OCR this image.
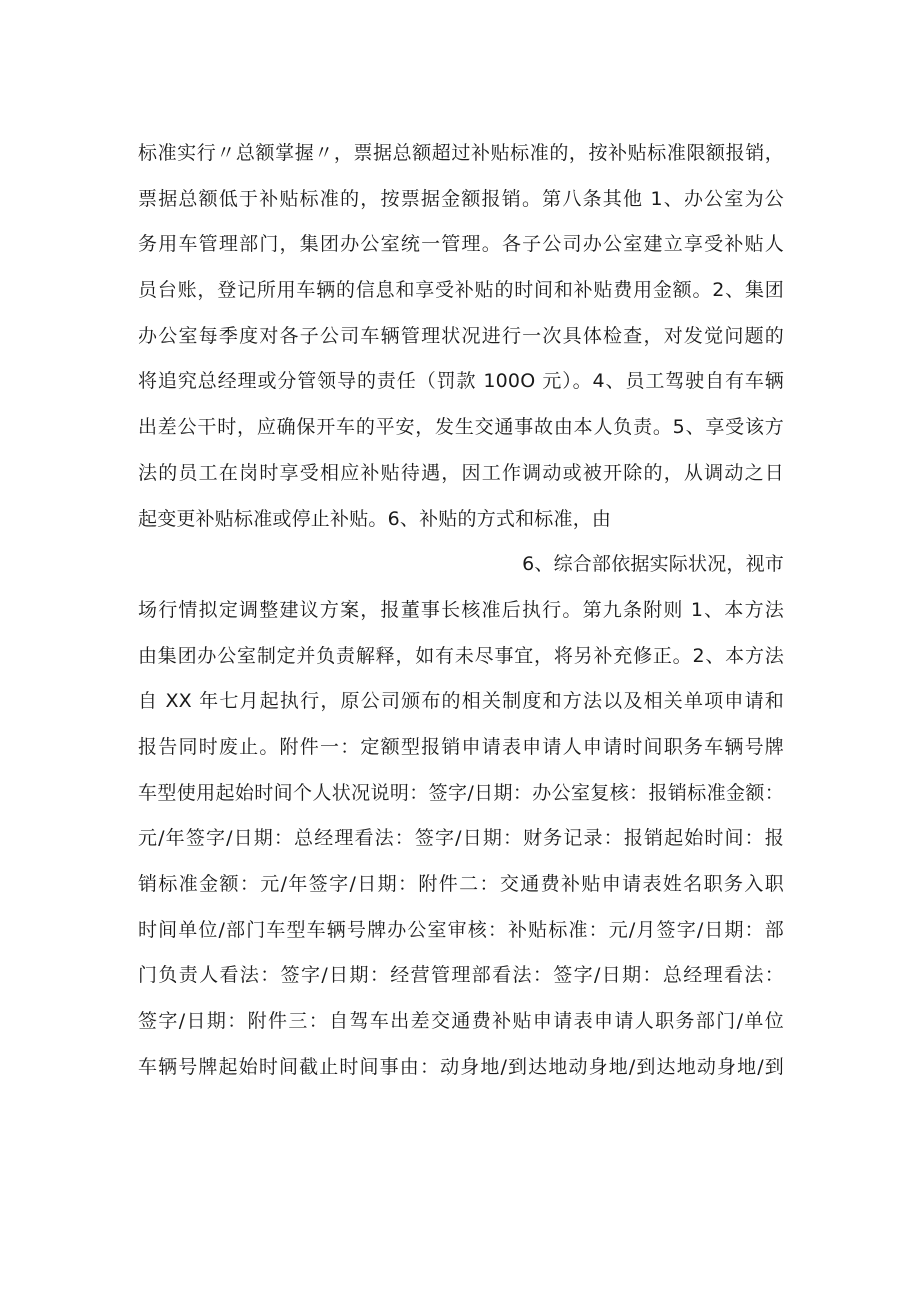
标准实行〃总额掌握〃，票据总额超过补贴标准的，按补贴标准限额报销，
票据总额低于补贴标准的，按票据金额报销。第八条其他 1、办公室为公
务用车管理部门，集团办公室统一管理。各子公司办公室建立享受补贴人
员台账，登记所用车辆的信息和享受补贴的时间和补贴费用金额。2、集团
办公室每季度对各子公司车辆管理状况进行一次具体检查，对发觉问题的
将追究总经理或分管领导的责任（罚款 100O 元）。4、员工驾驶自有车辆
出差公干时，应确保开车的平安，发生交通事故由本人负责。5、享受该方
法的员工在岗时享受相应补贴待遇，因工作调动或被开除的，从调动之日
起变更补贴标准或停止补贴。6、补贴的方式和标准，由
6、综合部依据实际状况，视市
场行情拟定调整建议方案，报董事长核准后执行。第九条附则 1、本方法
由集团办公室制定并负责解释，如有未尽事宜，将另补充修正。2、本方法
自 XX 年七月起执行，原公司颁布的相关制度和方法以及相关单项申请和
报告同时废止。附件一：定额型报销申请表申请人申请时间职务车辆号牌
车型使用起始时间个人状况说明：签字/日期：办公室复核：报销标准金额：
元/年签字/日期：总经理看法：签字/日期：财务记录：报销起始时间：报
销标准金额：元/年签字/日期：附件二：交通费补贴申请表姓名职务入职
时间单位/部门车型车辆号牌办公室审核：补贴标准：元/月签字/日期：部
门负责人看法：签字/日期：经营管理部看法：签字/日期：总经理看法：
签字/日期：附件三：自驾车出差交通费补贴申请表申请人职务部门/单位
车辆号牌起始时间截止时间事由：动身地/到达地动身地/到达地动身地/到
